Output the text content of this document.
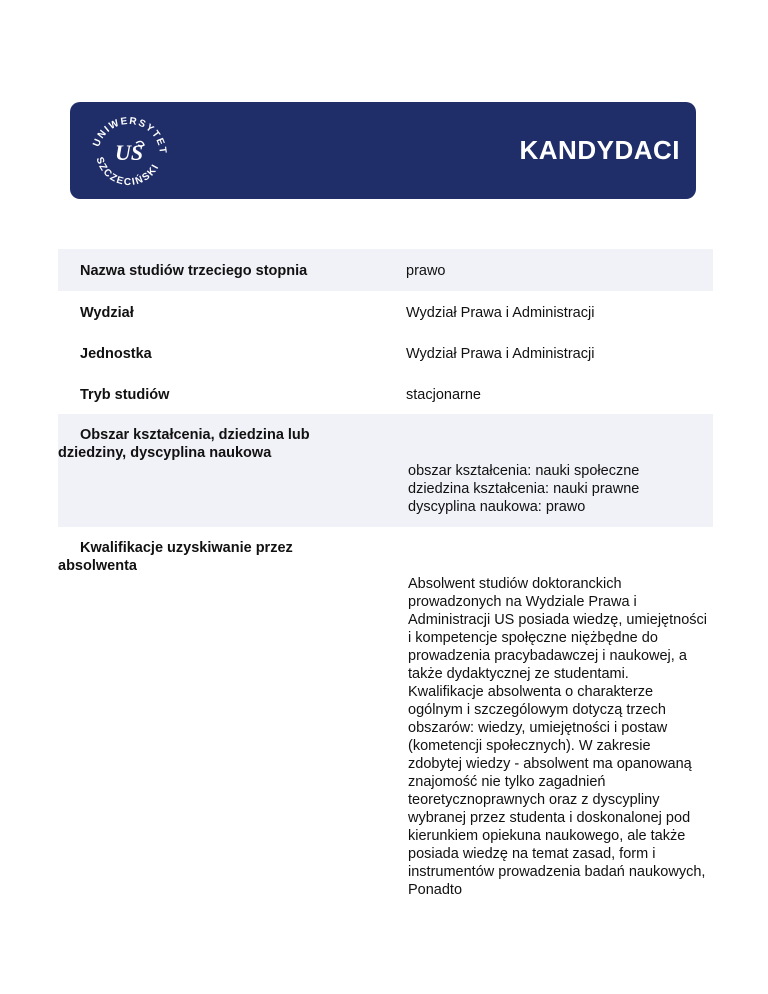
UNIWERSYTET
SZCZECIŃSKI
US	KANDYDACI
Nazwa studiów trzeciego stopnia	prawo

Wydział	Wydział Prawa i Administracji

Jednostka	Wydział Prawa i Administracji

Tryb studiów	stacjonarne

Obszar kształcenia, dziedzina lub dziedziny, dyscyplina naukowa	obszar kształcenia: nauki społeczne
dziedzina kształcenia: nauki prawne
dyscyplina naukowa: prawo

Kwalifikacje uzyskiwanie przez absolwenta	Absolwent studiów doktoranckich prowadzonych na Wydziale Prawa i Administracji US posiada wiedzę, umiejętności i kompetencje społęczne niężbędne do prowadzenia pracybadawczej i naukowej, a także dydaktycznej ze studentami. Kwalifikacje absolwenta o charakterze ogólnym i szczególowym dotyczą trzech obszarów: wiedzy, umiejętności i postaw (kometencji społecznych). W zakresie zdobytej wiedzy - absolwent ma opanowaną znajomość nie tylko zagadnień teoretycznoprawnych oraz z dyscypliny wybranej przez studenta i doskonalonej pod kierunkiem opiekuna naukowego, ale także posiada wiedzę na temat zasad, form i instrumentów prowadzenia badań naukowych, Ponadto
